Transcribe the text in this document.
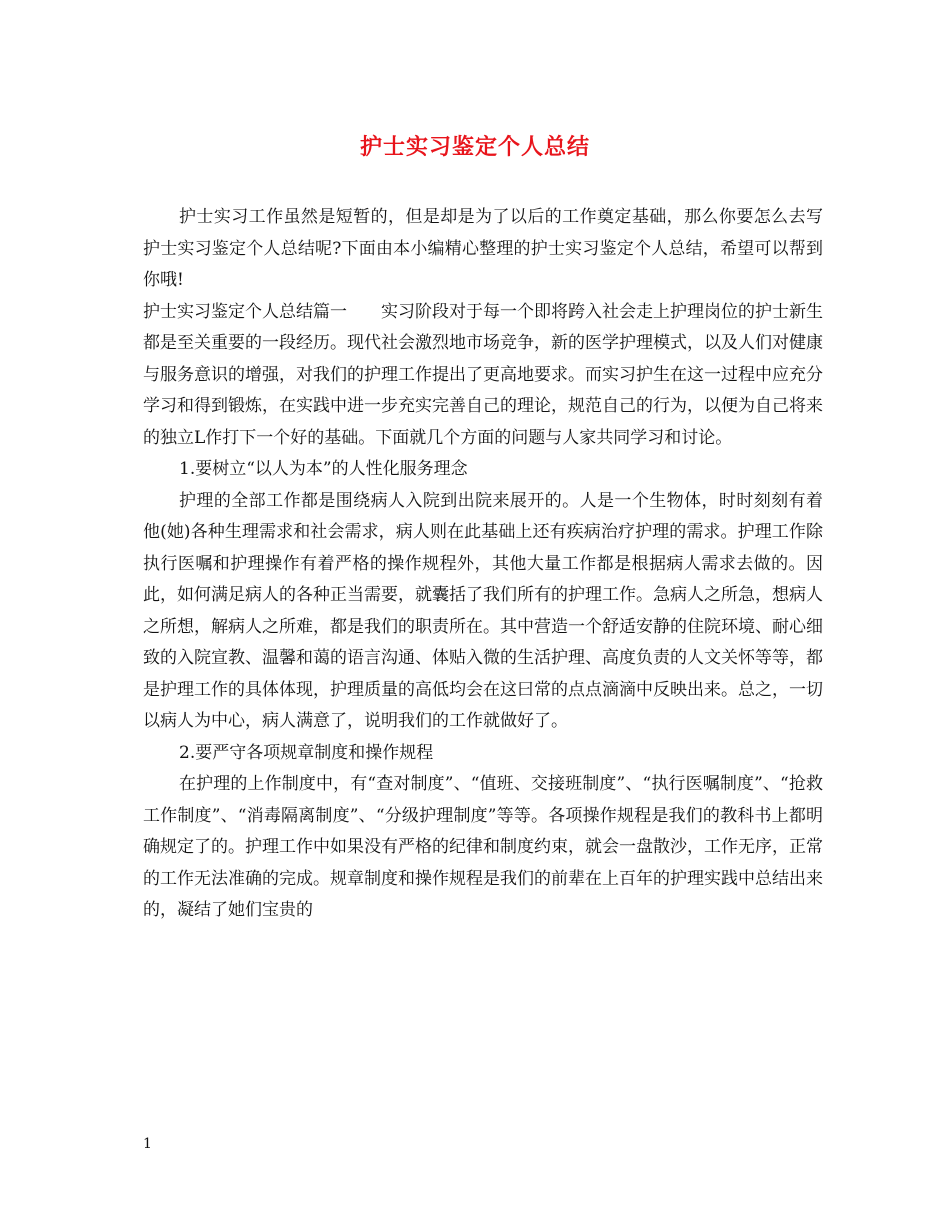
护士实习鉴定个人总结

护士实习工作虽然是短暂的，但是却是为了以后的工作奠定基础，那么你要怎么去写护士实习鉴定个人总结呢?下面由本小编精心整理的护士实习鉴定个人总结，希望可以帮到你哦!

护士实习鉴定个人总结篇一　　实习阶段对于每一个即将跨入社会走上护理岗位的护士新生都是至关重要的一段经历。现代社会激烈地市场竞争，新的医学护理模式，以及人们对健康与服务意识的增强，对我们的护理工作提出了更高地要求。而实习护生在这一过程中应充分学习和得到锻炼，在实践中进一步充实完善自己的理论，规范自己的行为，以便为自己将来的独立L作打下一个好的基础。下面就几个方面的问题与人家共同学习和讨论。

1.要树立“以人为本”的人性化服务理念

护理的全部工作都是围绕病人入院到出院来展开的。人是一个生物体，时时刻刻有着他(她)各种生理需求和社会需求，病人则在此基础上还有疾病治疗护理的需求。护理工作除执行医嘱和护理操作有着严格的操作规程外，其他大量工作都是根据病人需求去做的。因此，如何满足病人的各种正当需要，就囊括了我们所有的护理工作。急病人之所急，想病人之所想，解病人之所难，都是我们的职责所在。其中营造一个舒适安静的住院环境、耐心细致的入院宣教、温馨和蔼的语言沟通、体贴入微的生活护理、高度负责的人文关怀等等，都是护理工作的具体体现，护理质量的高低均会在这曰常的点点滴滴中反映出来。总之，一切以病人为中心，病人满意了，说明我们的工作就做好了。

2.要严守各项规章制度和操作规程

在护理的上作制度中，有“查对制度”、“值班、交接班制度”、“执行医嘱制度”、“抢救工作制度”、“消毒隔离制度”、“分级护理制度”等等。各项操作规程是我们的教科书上都明确规定了的。护理工作中如果没有严格的纪律和制度约束，就会一盘散沙，工作无序，正常的工作无法准确的完成。规章制度和操作规程是我们的前辈在上百年的护理实践中总结出来的，凝结了她们宝贵的

1
